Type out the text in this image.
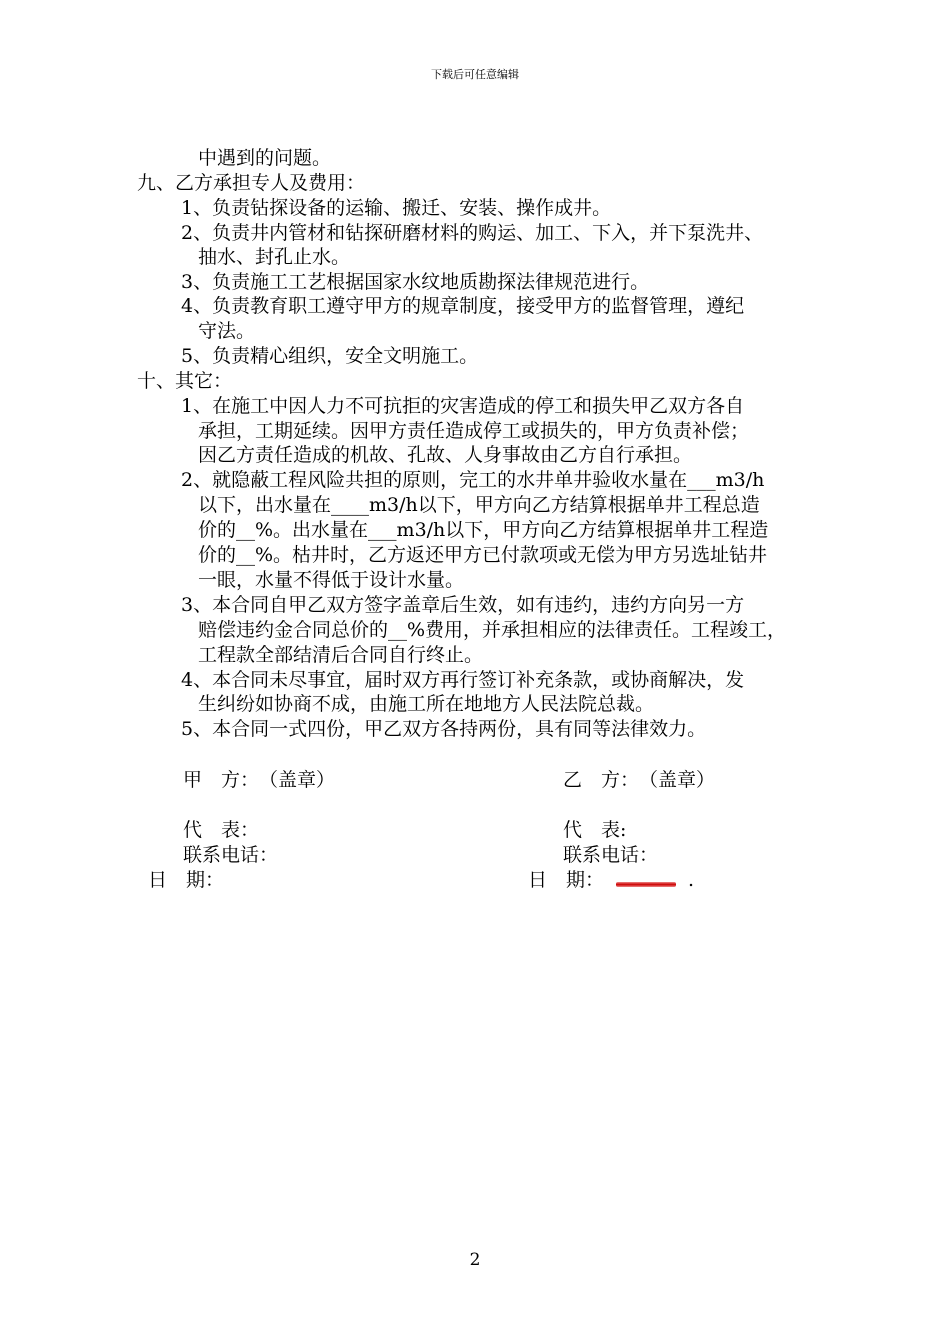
下载后可任意编辑
中遇到的问题。
九、乙方承担专人及费用：
1、负责钻探设备的运输、搬迁、安装、操作成井。
2、负责井内管材和钻探研磨材料的购运、加工、下入，并下泵洗井、
抽水、封孔止水。
3、负责施工工艺根据国家水纹地质勘探法律规范进行。
4、负责教育职工遵守甲方的规章制度，接受甲方的监督管理，遵纪
守法。
5、负责精心组织，安全文明施工。
十、其它：
1、在施工中因人力不可抗拒的灾害造成的停工和损失甲乙双方各自
承担，工期延续。因甲方责任造成停工或损失的，甲方负责补偿；
因乙方责任造成的机故、孔故、人身事故由乙方自行承担。
2、就隐蔽工程风险共担的原则，完工的水井单井验收水量在___m3/h
以下，出水量在____m3/h以下，甲方向乙方结算根据单井工程总造
价的__%。出水量在___m3/h以下，甲方向乙方结算根据单井工程造
价的__%。枯井时，乙方返还甲方已付款项或无偿为甲方另选址钻井
一眼，水量不得低于设计水量。
3、本合同自甲乙双方签字盖章后生效，如有违约，违约方向另一方
赔偿违约金合同总价的__%费用，并承担相应的法律责任。工程竣工，
工程款全部结清后合同自行终止。
4、本合同未尽事宜，届时双方再行签订补充条款，或协商解决，发
生纠纷如协商不成，由施工所在地地方人民法院总裁。
5、本合同一式四份，甲乙双方各持两份，具有同等法律效力。
甲　方：　（盖章）
代　表：
联系电话：
日　期：
乙　方：　（盖章）
代　表:
联系电话：
日　期：	.
2
